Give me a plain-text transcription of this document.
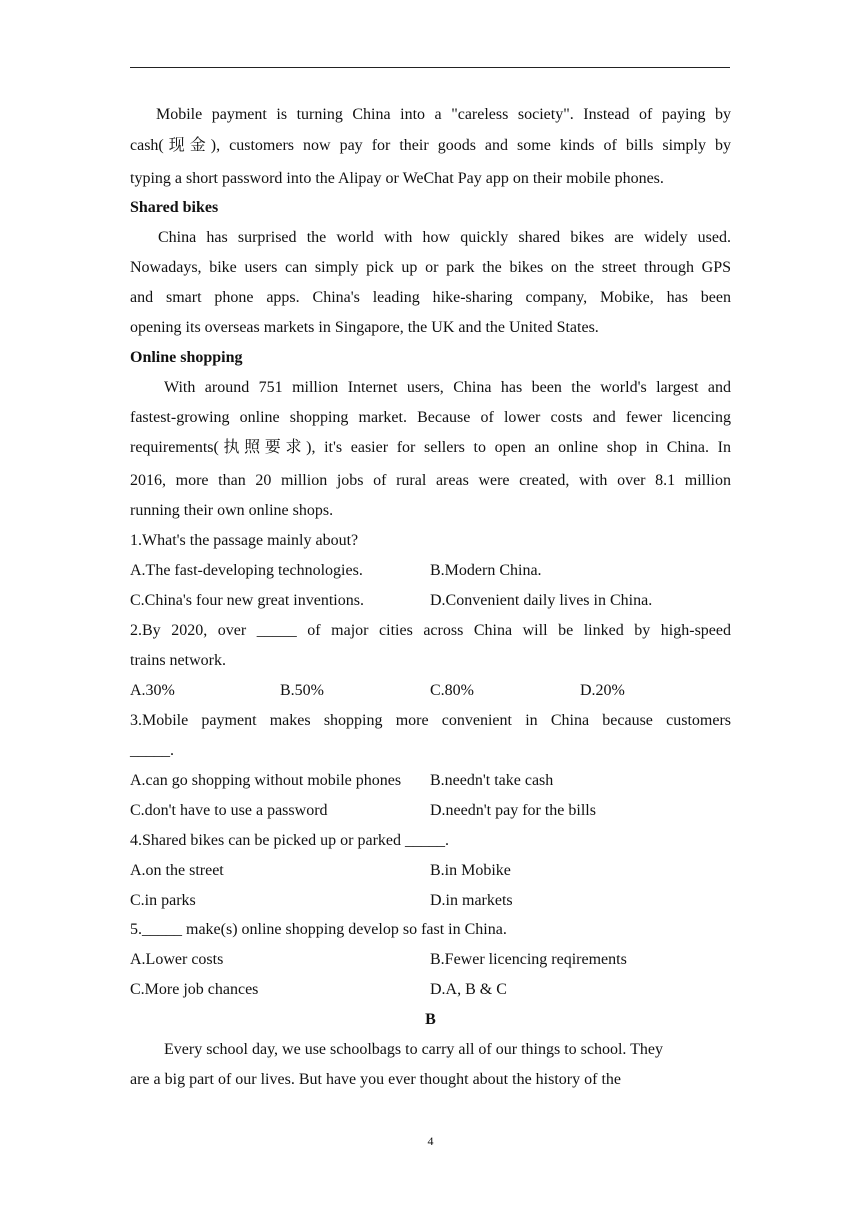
Mobile payment is turning China into a "careless society". Instead of paying by
cash(现金), customers now pay for their goods and some kinds of bills simply by
typing a short password into the Alipay or WeChat Pay app on their mobile phones.
Shared bikes
China has surprised the world with how quickly shared bikes are widely used.
Nowadays, bike users can simply pick up or park the bikes on the street through GPS
and smart phone apps. China's leading hike-sharing company, Mobike, has been
opening its overseas markets in Singapore, the UK and the United States.
Online shopping
With around 751 million Internet users, China has been the world's largest and
fastest-growing online shopping market. Because of lower costs and fewer licencing
requirements(执照要求), it's easier for sellers to open an online shop in China. In
2016, more than 20 million jobs of rural areas were created, with over 8.1 million
running their own online shops.
1.What's the passage mainly about?
A.The fast-developing technologies.	B.Modern China.
C.China's four new great inventions.	D.Convenient daily lives in China.
2.By 2020, over _____ of major cities across China will be linked by high-speed
trains network.
A.30%	B.50%	C.80%	D.20%
3.Mobile payment makes shopping more convenient in China because customers
_____.
A.can go shopping without mobile phones B.needn't take cash
C.don't have to use a password	D.needn't pay for the bills
4.Shared bikes can be picked up or parked _____.
A.on the street	B.in Mobike
C.in parks	D.in markets
5._____ make(s) online shopping develop so fast in China.
A.Lower costs	B.Fewer licencing reqirements
C.More job chances	D.A, B & C
B
Every school day, we use schoolbags to carry all of our things to school. They
are a big part of our lives. But have you ever thought about the history of the
4
